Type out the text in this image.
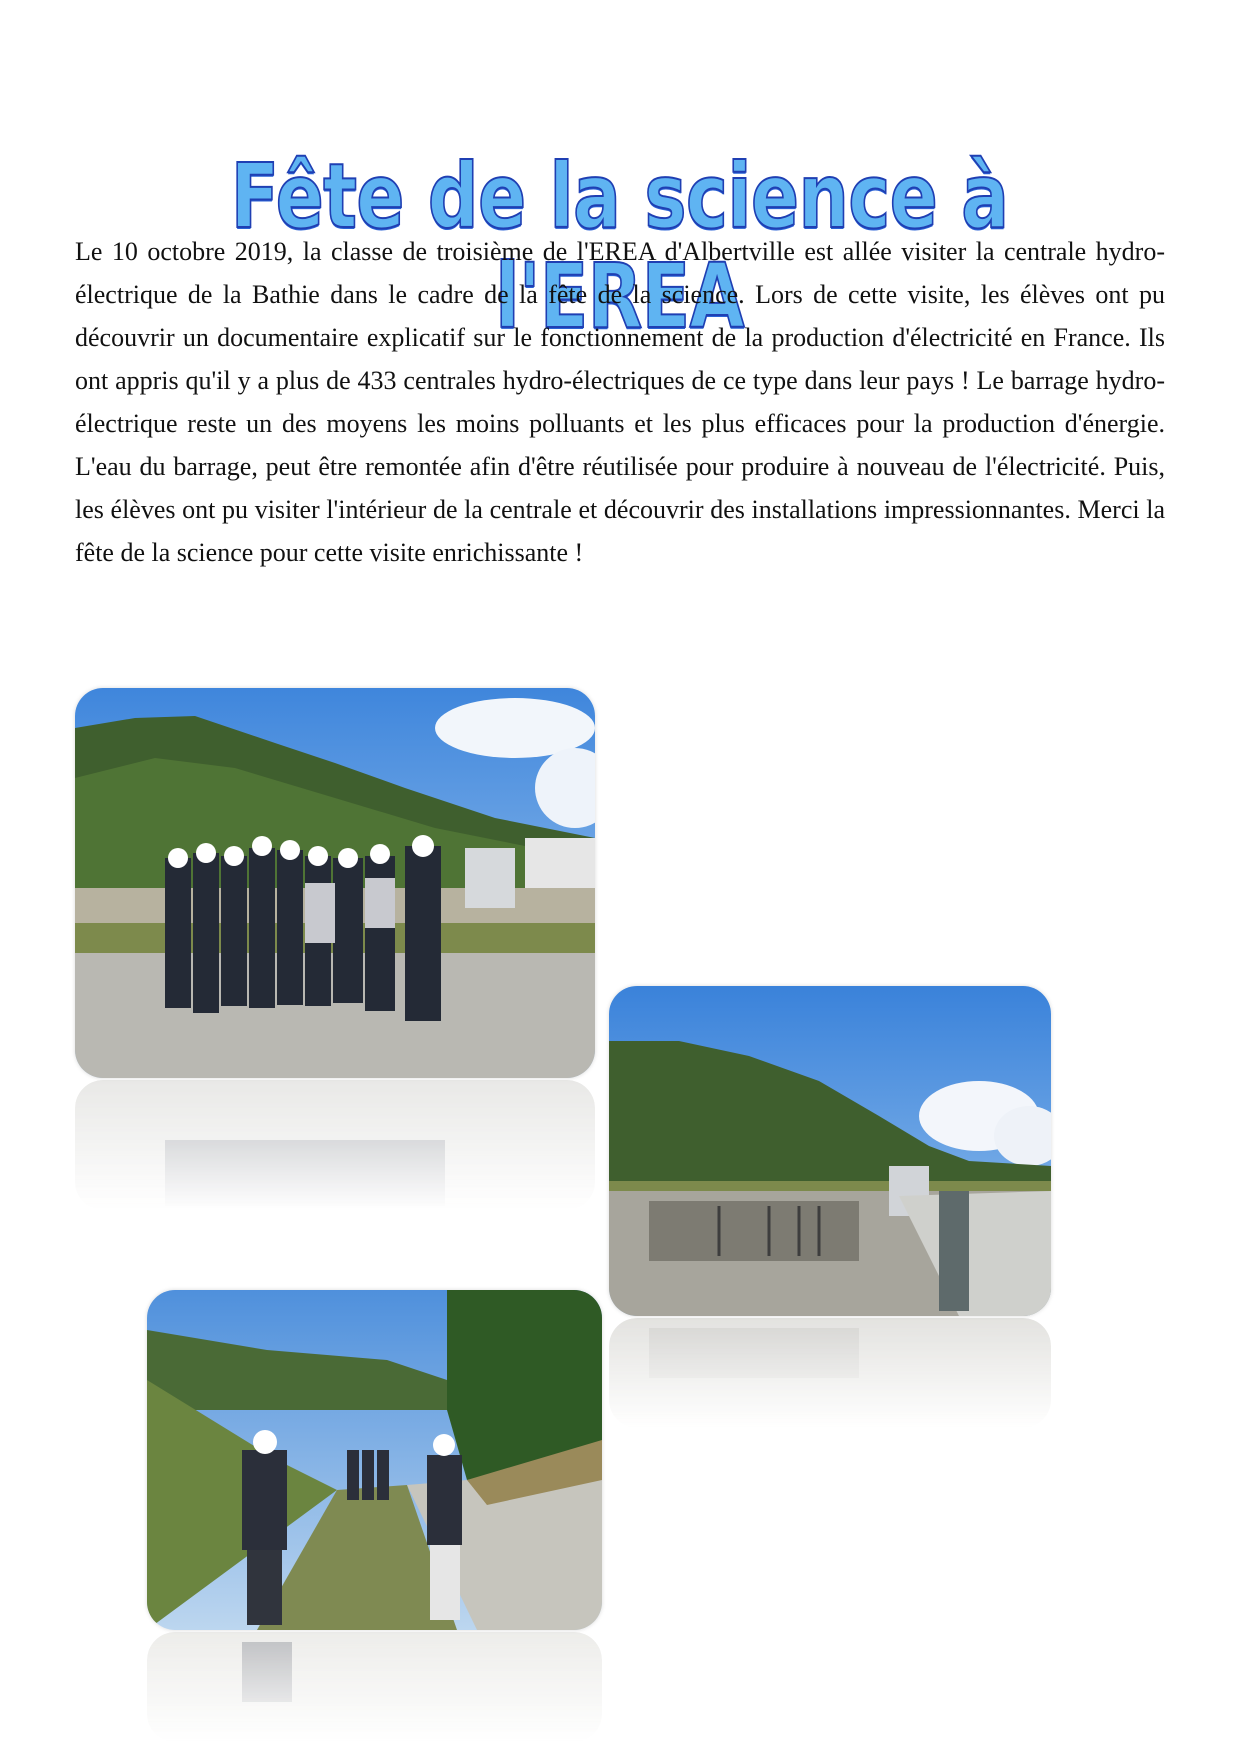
Fête de la science à l'EREA

Le 10 octobre 2019, la classe de troisième de l'EREA d'Albertville est allée visiter la centrale hydro-électrique de la Bathie dans le cadre de la fête de la science. Lors de cette visite, les élèves ont pu découvrir un documentaire explicatif sur le fonctionnement de la production d'électricité en France. Ils ont appris qu'il y a plus de 433 centrales hydro-électriques de ce type dans leur pays ! Le barrage hydro-électrique reste un des moyens les moins polluants et les plus efficaces pour la production d'énergie. L'eau du barrage, peut être remontée afin d'être réutilisée pour produire à nouveau de l'électricité. Puis, les élèves ont pu visiter l'intérieur de la centrale et découvrir des installations impressionnantes. Merci la fête de la science pour cette visite enrichissante !
